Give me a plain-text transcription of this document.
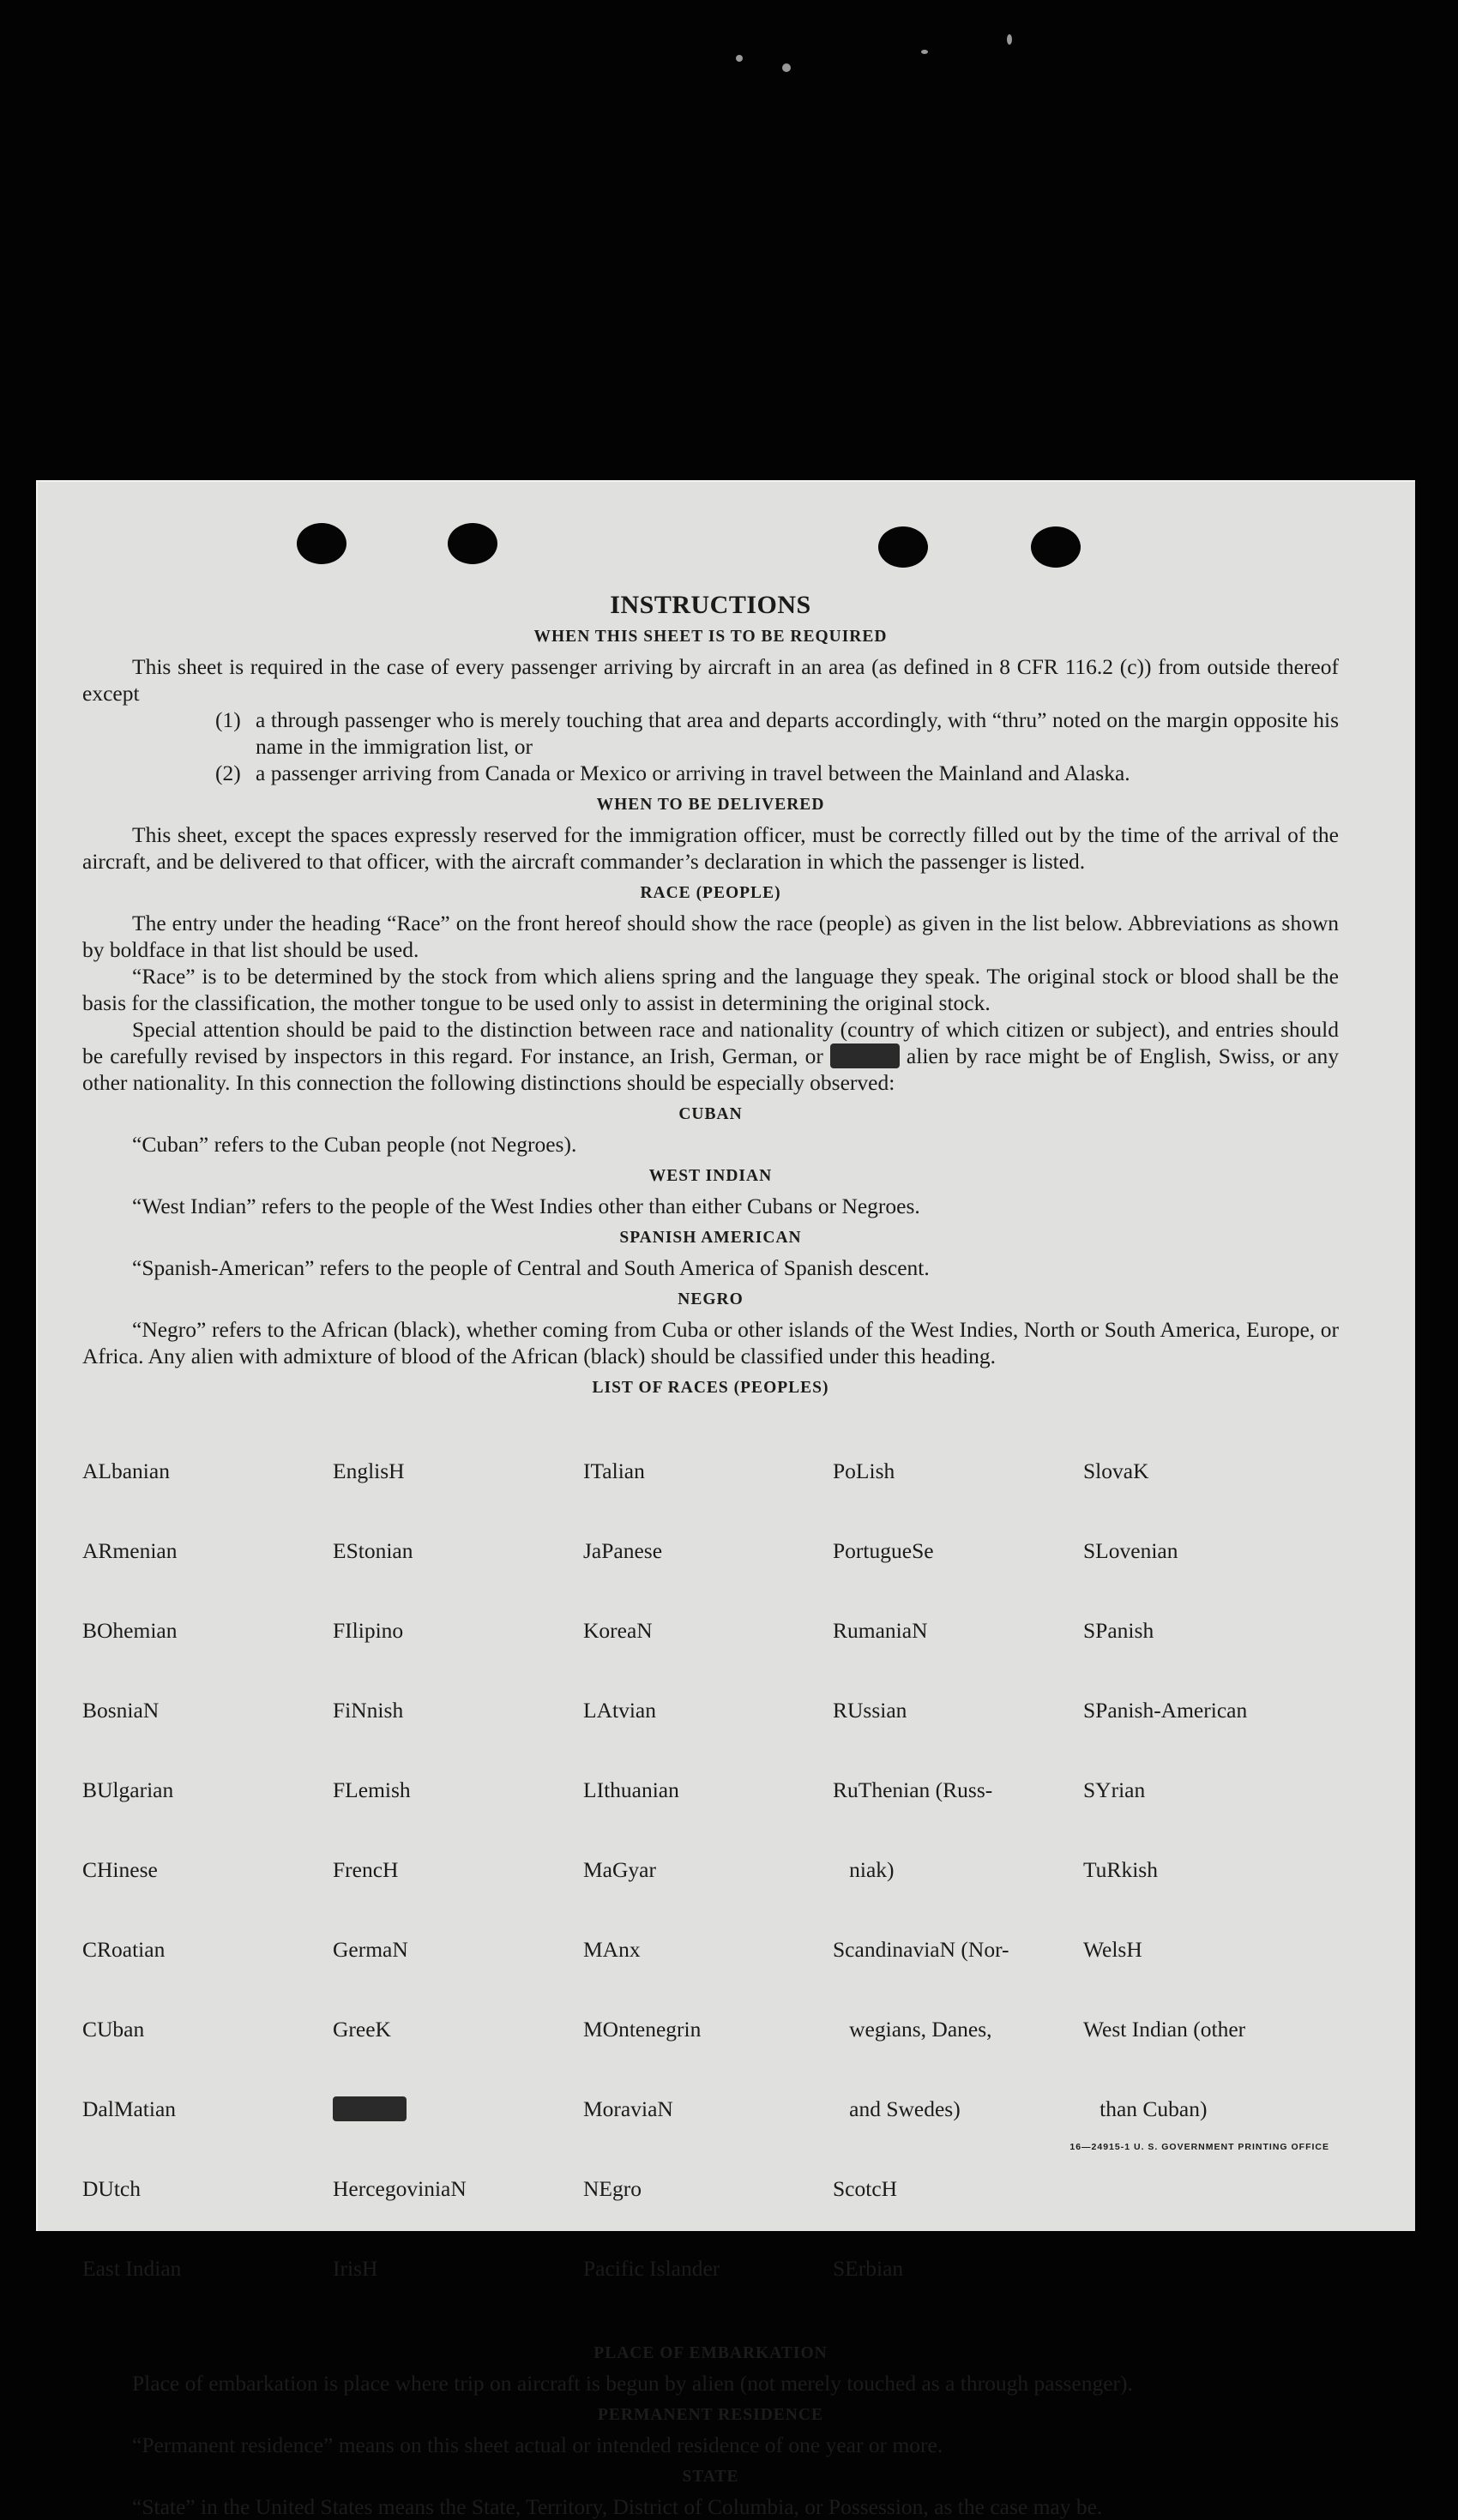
INSTRUCTIONS
WHEN THIS SHEET IS TO BE REQUIRED

This sheet is required in the case of every passenger arriving by aircraft in an area (as defined in 8 CFR 116.2 (c)) from outside thereof except

(1) a through passenger who is merely touching that area and departs accordingly, with “thru” noted on the margin opposite his name in the immigration list, or

(2) a passenger arriving from Canada or Mexico or arriving in travel between the Mainland and Alaska.

WHEN TO BE DELIVERED

This sheet, except the spaces expressly reserved for the immigration officer, must be correctly filled out by the time of the arrival of the aircraft, and be delivered to that officer, with the aircraft commander’s declaration in which the passenger is listed.

RACE (PEOPLE)

The entry under the heading “Race” on the front hereof should show the race (people) as given in the list below. Abbreviations as shown by boldface in that list should be used.

“Race” is to be determined by the stock from which aliens spring and the language they speak. The original stock or blood shall be the basis for the classification, the mother tongue to be used only to assist in determining the original stock.

Special attention should be paid to the distinction between race and nationality (country of which citizen or subject), and entries should be carefully revised by inspectors in this regard. For instance, an Irish, German, or	alien by race might be of English, Swiss, or any other nationality. In this connection the following distinctions should be especially observed:

CUBAN

“Cuban” refers to the Cuban people (not Negroes).

WEST INDIAN

“West Indian” refers to the people of the West Indies other than either Cubans or Negroes.

SPANISH AMERICAN

“Spanish-American” refers to the people of Central and South America of Spanish descent.

NEGRO

“Negro” refers to the African (black), whether coming from Cuba or other islands of the West Indies, North or South America, Europe, or Africa. Any alien with admixture of blood of the African (black) should be classified under this heading.

LIST OF RACES (PEOPLES)

ALbanian

ARmenian

BOhemian

BosniaN

BUlgarian

CHinese

CRoatian

CUban

DalMatian

DUtch

East Indian

EnglisH

EStonian

FIlipino

FiNnish

FLemish

FrencH

GermaN

GreeK

HercegoviniaN

IrisH

ITalian

JaPanese

KoreaN

LAtvian

LIthuanian

MaGyar

MAnx

MOntenegrin

MoraviaN

NEgro

Pacific Islander

PoLish

PortugueSe

RumaniaN

RUssian

RuThenian (Russ-

niak)

ScandinaviaN (Nor-

wegians, Danes,

and Swedes)

ScotcH

SErbian

SlovaK

SLovenian

SPanish

SPanish-American

SYrian

TuRkish

WelsH

West Indian (other

than Cuban)

PLACE OF EMBARKATION

Place of embarkation is place where trip on aircraft is begun by alien (not merely touched as a through passenger).

PERMANENT RESIDENCE

“Permanent residence” means on this sheet actual or intended residence of one year or more.

STATE

“State” in the United States means the State, Territory, District of Columbia, or Possession, as the case may be.

16—24915-1 U. S. GOVERNMENT PRINTING OFFICE
